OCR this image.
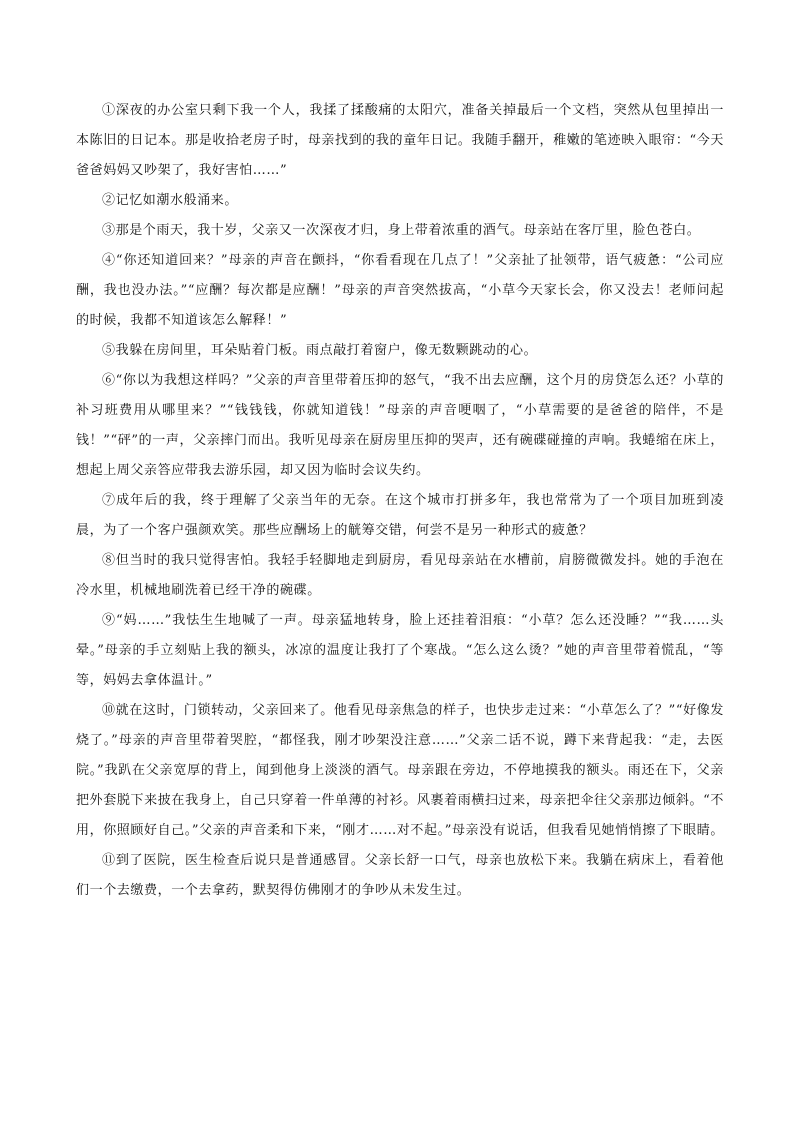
①深夜的办公室只剩下我一个人，我揉了揉酸痛的太阳穴，准备关掉最后一个文档，突然从包里掉出一本陈旧的日记本。那是收拾老房子时，母亲找到的我的童年日记。我随手翻开，稚嫩的笔迹映入眼帘：“今天爸爸妈妈又吵架了，我好害怕……”

②记忆如潮水般涌来。

③那是个雨天，我十岁，父亲又一次深夜才归，身上带着浓重的酒气。母亲站在客厅里，脸色苍白。

④“你还知道回来？”母亲的声音在颤抖，“你看看现在几点了！”父亲扯了扯领带，语气疲惫：“公司应酬，我也没办法。”“应酬？每次都是应酬！”母亲的声音突然拔高，“小草今天家长会，你又没去！老师问起的时候，我都不知道该怎么解释！”

⑤我躲在房间里，耳朵贴着门板。雨点敲打着窗户，像无数颗跳动的心。

⑥“你以为我想这样吗？”父亲的声音里带着压抑的怒气，“我不出去应酬，这个月的房贷怎么还？小草的补习班费用从哪里来？”“钱钱钱，你就知道钱！”母亲的声音哽咽了，“小草需要的是爸爸的陪伴，不是钱！”“砰”的一声，父亲摔门而出。我听见母亲在厨房里压抑的哭声，还有碗碟碰撞的声响。我蜷缩在床上，想起上周父亲答应带我去游乐园，却又因为临时会议失约。

⑦成年后的我，终于理解了父亲当年的无奈。在这个城市打拼多年，我也常常为了一个项目加班到凌晨，为了一个客户强颜欢笑。那些应酬场上的觥筹交错，何尝不是另一种形式的疲惫？

⑧但当时的我只觉得害怕。我轻手轻脚地走到厨房，看见母亲站在水槽前，肩膀微微发抖。她的手泡在冷水里，机械地刷洗着已经干净的碗碟。

⑨“妈……”我怯生生地喊了一声。母亲猛地转身，脸上还挂着泪痕：“小草？怎么还没睡？”“我……头晕。”母亲的手立刻贴上我的额头，冰凉的温度让我打了个寒战。“怎么这么烫？”她的声音里带着慌乱，“等等，妈妈去拿体温计。”

⑩就在这时，门锁转动，父亲回来了。他看见母亲焦急的样子，也快步走过来：“小草怎么了？”“好像发烧了。”母亲的声音里带着哭腔，“都怪我，刚才吵架没注意……”父亲二话不说，蹲下来背起我：“走，去医院。”我趴在父亲宽厚的背上，闻到他身上淡淡的酒气。母亲跟在旁边，不停地摸我的额头。雨还在下，父亲把外套脱下来披在我身上，自己只穿着一件单薄的衬衫。风裹着雨横扫过来，母亲把伞往父亲那边倾斜。“不用，你照顾好自己。”父亲的声音柔和下来，“刚才……对不起。”母亲没有说话，但我看见她悄悄擦了下眼睛。

⑪到了医院，医生检查后说只是普通感冒。父亲长舒一口气，母亲也放松下来。我躺在病床上，看着他们一个去缴费，一个去拿药，默契得仿佛刚才的争吵从未发生过。
